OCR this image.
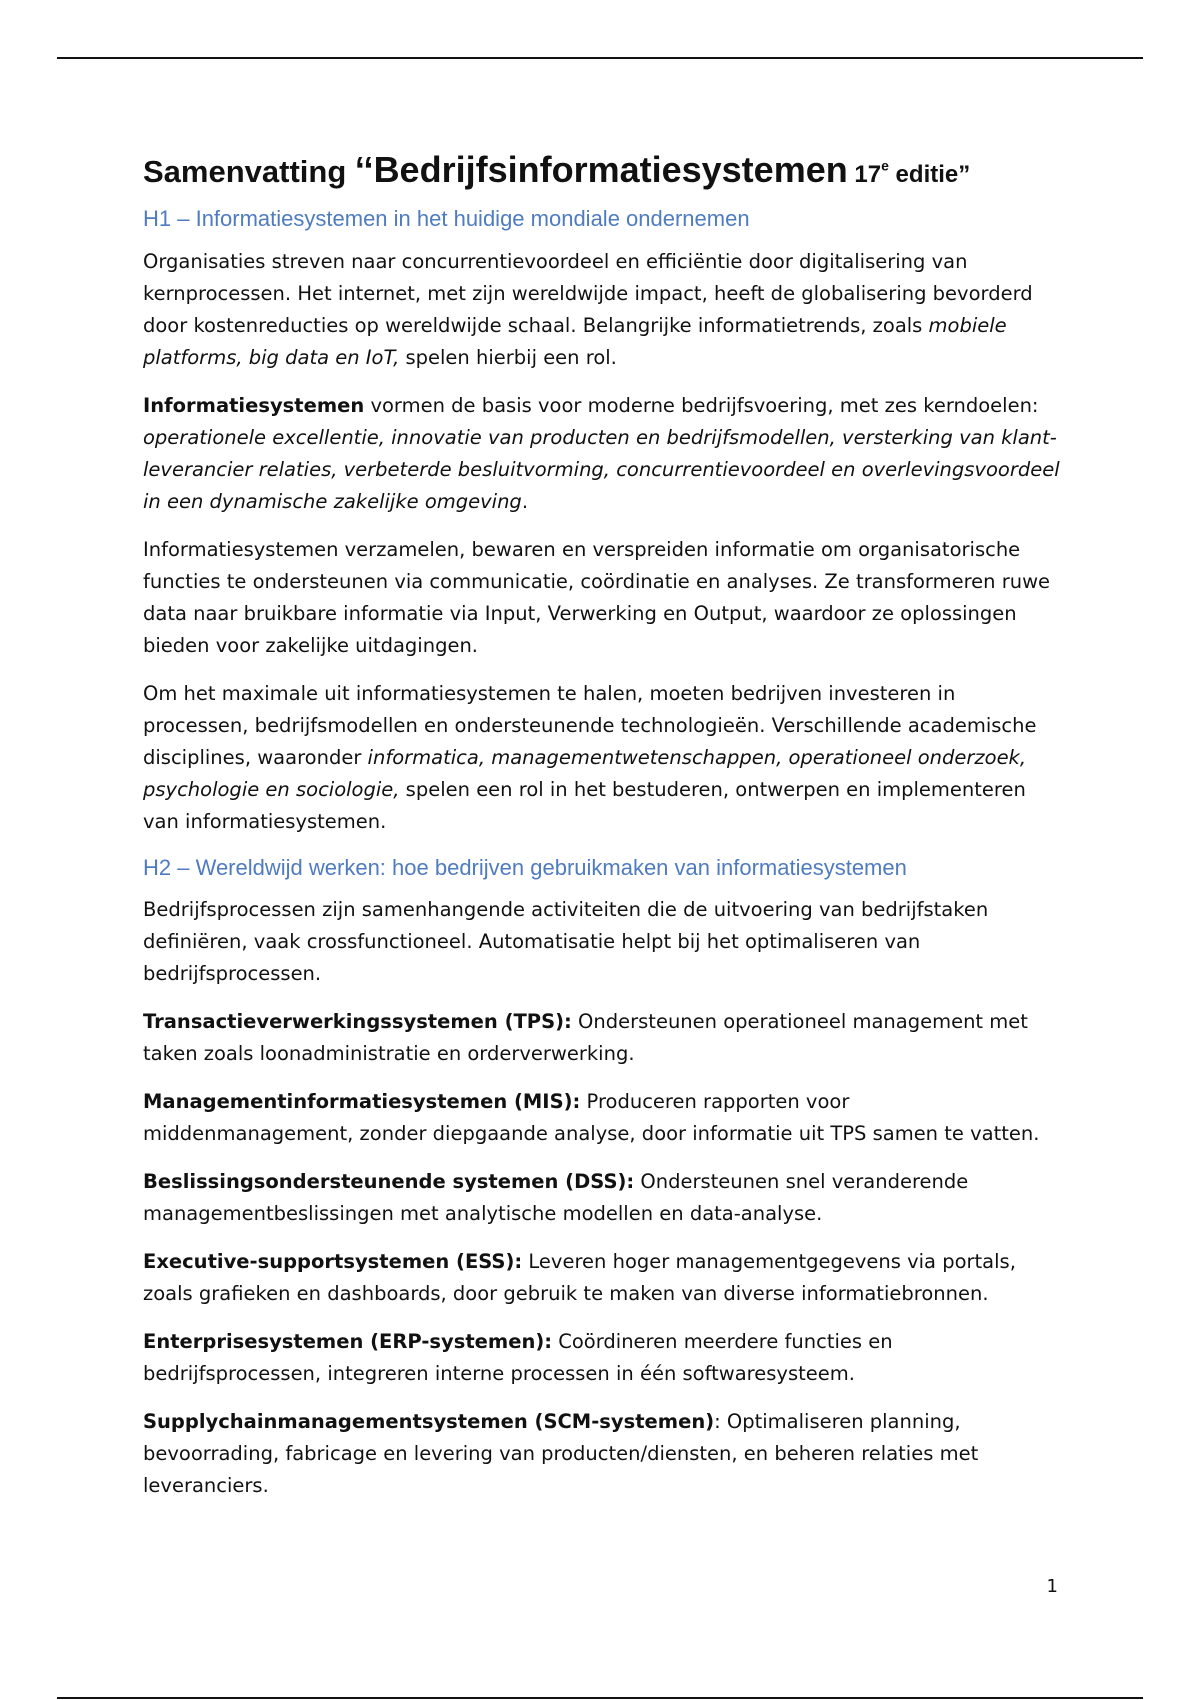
Samenvatting ‘‘Bedrijfsinformatiesystemen 17e editie”
H1 – Informatiesystemen in het huidige mondiale ondernemen

Organisaties streven naar concurrentievoordeel en efficiëntie door digitalisering van kernprocessen. Het internet, met zijn wereldwijde impact, heeft de globalisering bevorderd door kostenreducties op wereldwijde schaal. Belangrijke informatietrends, zoals mobiele platforms, big data en IoT, spelen hierbij een rol.

Informatiesystemen vormen de basis voor moderne bedrijfsvoering, met zes kerndoelen: operationele excellentie, innovatie van producten en bedrijfsmodellen, versterking van klant-leverancier relaties, verbeterde besluitvorming, concurrentievoordeel en overlevingsvoordeel in een dynamische zakelijke omgeving.

Informatiesystemen verzamelen, bewaren en verspreiden informatie om organisatorische functies te ondersteunen via communicatie, coördinatie en analyses. Ze transformeren ruwe data naar bruikbare informatie via Input, Verwerking en Output, waardoor ze oplossingen bieden voor zakelijke uitdagingen.

Om het maximale uit informatiesystemen te halen, moeten bedrijven investeren in processen, bedrijfsmodellen en ondersteunende technologieën. Verschillende academische disciplines, waaronder informatica, managementwetenschappen, operationeel onderzoek, psychologie en sociologie, spelen een rol in het bestuderen, ontwerpen en implementeren van informatiesystemen.

H2 – Wereldwijd werken: hoe bedrijven gebruikmaken van informatiesystemen

Bedrijfsprocessen zijn samenhangende activiteiten die de uitvoering van bedrijfstaken definiëren, vaak crossfunctioneel. Automatisatie helpt bij het optimaliseren van bedrijfsprocessen.

Transactieverwerkingssystemen (TPS): Ondersteunen operationeel management met taken zoals loonadministratie en orderverwerking.

Managementinformatiesystemen (MIS): Produceren rapporten voor middenmanagement, zonder diepgaande analyse, door informatie uit TPS samen te vatten.

Beslissingsondersteunende systemen (DSS): Ondersteunen snel veranderende managementbeslissingen met analytische modellen en data-analyse.

Executive-supportsystemen (ESS): Leveren hoger managementgegevens via portals, zoals grafieken en dashboards, door gebruik te maken van diverse informatiebronnen.

Enterprisesystemen (ERP-systemen): Coördineren meerdere functies en bedrijfsprocessen, integreren interne processen in één softwaresysteem.

Supplychainmanagementsystemen (SCM-systemen): Optimaliseren planning, bevoorrading, fabricage en levering van producten/diensten, en beheren relaties met leveranciers.

1
